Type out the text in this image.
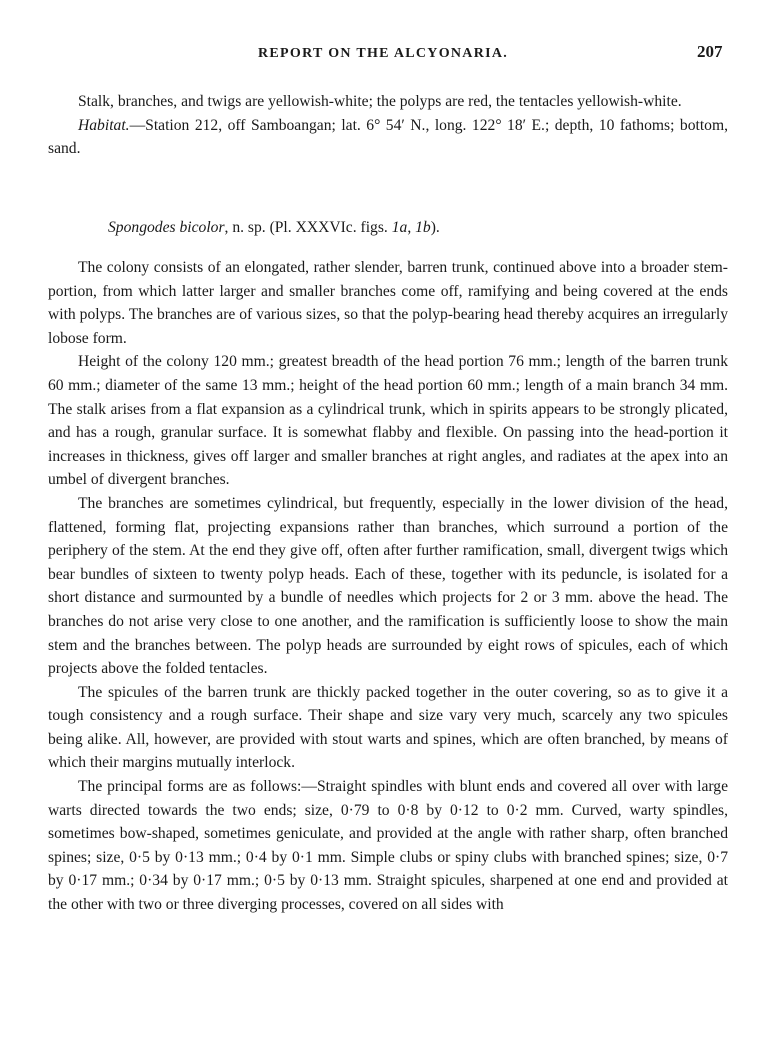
REPORT ON THE ALCYONARIA.	207

Stalk, branches, and twigs are yellowish-white; the polyps are red, the tentacles yellowish-white.

Habitat.—Station 212, off Samboangan; lat. 6° 54′ N., long. 122° 18′ E.; depth, 10 fathoms; bottom, sand.

Spongodes bicolor, n. sp. (Pl. XXXVIc. figs. 1a, 1b).

The colony consists of an elongated, rather slender, barren trunk, continued above into a broader stem-portion, from which latter larger and smaller branches come off, ramifying and being covered at the ends with polyps. The branches are of various sizes, so that the polyp-bearing head thereby acquires an irregularly lobose form.

Height of the colony 120 mm.; greatest breadth of the head portion 76 mm.; length of the barren trunk 60 mm.; diameter of the same 13 mm.; height of the head portion 60 mm.; length of a main branch 34 mm. The stalk arises from a flat expansion as a cylindrical trunk, which in spirits appears to be strongly plicated, and has a rough, granular surface. It is somewhat flabby and flexible. On passing into the head-portion it increases in thickness, gives off larger and smaller branches at right angles, and radiates at the apex into an umbel of divergent branches.

The branches are sometimes cylindrical, but frequently, especially in the lower division of the head, flattened, forming flat, projecting expansions rather than branches, which surround a portion of the periphery of the stem. At the end they give off, often after further ramification, small, divergent twigs which bear bundles of sixteen to twenty polyp heads. Each of these, together with its peduncle, is isolated for a short distance and surmounted by a bundle of needles which projects for 2 or 3 mm. above the head. The branches do not arise very close to one another, and the ramification is sufficiently loose to show the main stem and the branches between. The polyp heads are surrounded by eight rows of spicules, each of which projects above the folded tentacles.

The spicules of the barren trunk are thickly packed together in the outer covering, so as to give it a tough consistency and a rough surface. Their shape and size vary very much, scarcely any two spicules being alike. All, however, are provided with stout warts and spines, which are often branched, by means of which their margins mutually interlock.

The principal forms are as follows:—Straight spindles with blunt ends and covered all over with large warts directed towards the two ends; size, 0·79 to 0·8 by 0·12 to 0·2 mm. Curved, warty spindles, sometimes bow-shaped, sometimes geniculate, and provided at the angle with rather sharp, often branched spines; size, 0·5 by 0·13 mm.; 0·4 by 0·1 mm. Simple clubs or spiny clubs with branched spines; size, 0·7 by 0·17 mm.; 0·34 by 0·17 mm.; 0·5 by 0·13 mm. Straight spicules, sharpened at one end and provided at the other with two or three diverging processes, covered on all sides with
